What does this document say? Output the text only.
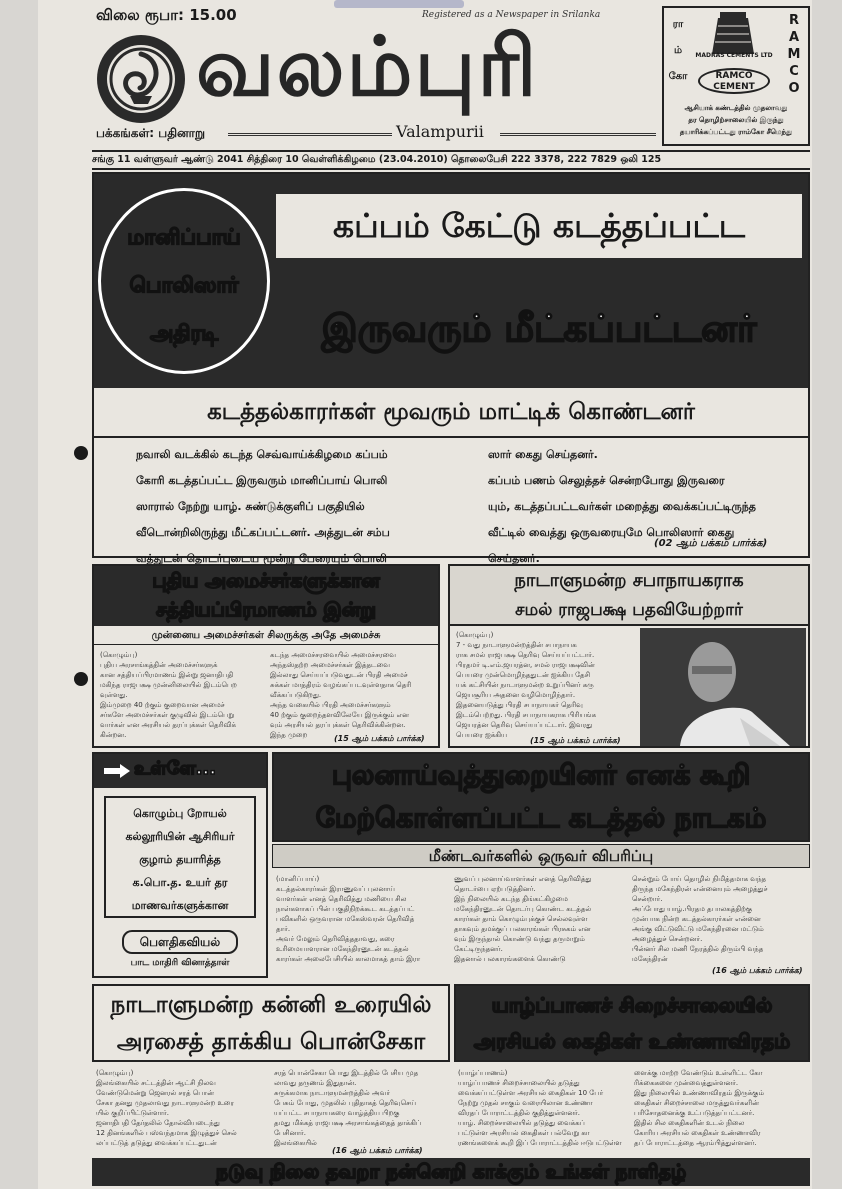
விலை ரூபா: 15.00	Registered as a Newspaper in Srilanka
வலம்புரி
பக்கங்கள்: பதினாறு	Valampurii
ரா
ம்
கோ
MADRAS CEMENTS LTD
RAMCO CEMENT
R
A
M
C
O
ஆசியாக் கண்டத்தில் முதலாவது
தர தொழிற்சாலையில் இருந்து
தயாரிக்கப்பட்டது ராம்கோ சீமெந்து
சங்கு 11 வள்ளுவர் ஆண்டு 2041 சித்திரை 10 வெள்ளிக்கிழமை (23.04.2010) தொலைபேசி 222 3378, 222 7829 ஒலி 125
மானிப்பாய்
பொலிஸார்
அதிரடி
கப்பம் கேட்டு கடத்தப்பட்ட
இருவரும் மீட்கப்பட்டனர்
கடத்தல்காரர்கள் மூவரும் மாட்டிக் கொண்டனர்
நவாலி வடக்கில் கடந்த செவ்வாய்க்கிழமை கப்பம்
கோரி கடத்தப்பட்ட இருவரும் மானிப்பாய் பொலி
ஸாரால் நேற்று யாழ். சுண்டுக்குளிப் பகுதியில்
வீடொன்றிலிருந்து மீட்கப்பட்டனர். அத்துடன் சம்ப
வத்துடன் தொடர்புடைய மூன்று பேரையும் பொலி
ஸார் கைது செய்தனர்.
கப்பம் பணம் செலுத்தச் சென்றபோது இருவரை
யும், கடத்தப்பட்டவர்கள் மறைத்து வைக்கப்பட்டிருந்த
வீட்டில் வைத்து ஒருவரையுமே பொலிஸார் கைது
செய்தனர்.
(02 ஆம் பக்கம் பார்க்க)
புதிய அமைச்சர்களுக்கான
சத்தியப்பிரமாணம் இன்று
முன்னைய அமைச்சர்கள் சிலருக்கு அதே அமைச்சு
(கொழும்பு)
புதிய அரசாங்கத்தின் அமைச்சர்களுக்
கான சத்தியப்பிரமாணம் இன்று ஜனாதிபதி
மகிந்த ராஜபக்ஷ முன்னிலையில் இடம்பெற
வுள்ளது.
இம்முறை 40 ற்கும் குறைவான அமைச்
சர்களே அமைச்சர்கள் குழுவில் இடம்பெறு
வார்கள் என அரசியல் தரப்புக்கள் தெரிவிக்
கின்றன.
கடந்த அமைச்சரவையில் அமைச்சரவை
அந்தஸ்தற்ற அமைச்சர்கள் இத்தடவை
இல்லாது செய்யப்படுவதுடன் பிரதி அமைச்
சுக்கள் மாத்திரம் வழங்கப்படவுள்ளதாக தெரி
வீக்கப்படுகிறது.
அந்த வகையில் பிரதி அமைச்சர்களும்
40 ற்கும் குறைந்தளவிலேயே இருக்கும் என
வும் அரசியல் தரப்புக்கள் தெரிவிக்கின்றன.
இந்த முறை	(15 ஆம் பக்கம் பார்க்க)
நாடாளுமன்ற சபாநாயகராக
சமல் ராஜபக்ஷ பதவியேற்றார்
(கொழும்பு)
7 - வது நாடாளுமன்றத்தின் சபாநாயக
ராக சமல் ராஜபக்ஷ தெரிவு செய்யப்பட்டார்.
பிரதமர் டி.எம்.ஜயரத்ன, சமல் ராஜபக்ஷவின்
பெயரை முன்மொழிந்ததுடன் ஐக்கிய தேசி
யக் கட்சியின் நாடாளுமன்ற உறுப்பினர் கரு
ஜெயசூரிய அதனை வழிமொழிந்தார்.
இதனையடுத்து பிரதி சபாநாயகர் தெரிவு
இடம்பெற்றது. பிரதி சபாநாயகராக பிரியங்க
ஜெயரத்ன தெரிவு செய்யப்பட்டார். இவரது
பெயரை ஐக்கிய
(15 ஆம் பக்கம் பார்க்க)
உள்ளே...
கொழும்பு றோயல்
கல்லூரியின் ஆசிரியர்
குழாம் தயாரித்த
க.பொ.த. உயர் தர
மாணவர்களுக்கான
பௌதிகவியல்
பாட மாதிரி வினாத்தாள்
புலனாய்வுத்துறையினர் எனக் கூறி
மேற்கொள்ளப்பட்ட கடத்தல் நாடகம்
மீண்டவர்களில் ஒருவர் விபரிப்பு
(மானிப்பாய்)
கடத்தல்காரர்கள் இராணுவப் புலனாய்
வாளர்கள் எனத் தெரிவித்து மணியை சில
நாள்களாகப் பின் பகுதிநிறக்கூட கடத்தப்பட்
பவிகளில் ஒருவரான மகேஸ்வரன் தெரிவித்
தார்.
அவர் மேலும் தெரிவித்ததாவது, கரை
உரிமையாளரான மகேந்திரனுடன் கடத்தல்
காரர்கள் அலைபேசியில் காலமாகத் தாம் இரா
ணுவப் புலனாய்வாளர்கள் எனத் தெரிவித்து
தொடர்பை ஏற்படுத்தினர்.
இந் நிலையில் கடந்த திங்கட்கிழமை
மகேந்திரனுடன் தொடர்பு கொண்ட கடத்தல்
காரர்கள் தாம் கொழும்புக்குச் செல்லவுள்ள
தாகவும் தமக்குப் பலகாரங்கள் பிரசுகம் என
வும் இருந்தால் கொண்டு வந்து தருமாறும்
கேட்டிருந்தனர்.
இதனால் பலகாரங்களைக் கொண்டு
சென்றும் போய் தொழில் நிமித்தமாக வந்த
திருந்த மகேந்திரன் என்னையும் அழைத்துச்
சென்றார்.
அப்போது யாழ்.பிரதம தபாலகத்திற்கு
முன்பாக நின்ற கடத்தல்காரர்கள் என்னை
அங்கு விட்டுவிட்டு மகேந்திரனை மட்டும்
அழைத்துச் சென்றனர்.
பின்னர் சில மணி நேரத்தில் திரும்பி வந்த
மகேந்திரன்
(16 ஆம் பக்கம் பார்க்க)
நாடாளுமன்ற கன்னி உரையில்
அரசைத் தாக்கிய பொன்சேகா
(கொழும்பு)
இலங்கையில் சட்டத்தின் ஆட்சி நிலவ
வேண்டுமென்று ஜெனரல் சரத் பொன்
சேகா தனது முதலாவது நாடாளுமன்ற உரை
யில் குறிப்பிட்டுள்ளார்.
ஜனாதிபதி தேர்தலில் தோல்வியடைந்து
12 தினங்களில் பஸ்வந்தமாக இழுத்துச் செல்
லப்பட்டுத் தடுத்து வைக்கப்பட்டதுடன்
சரத் பொன்சேகா பொது இடத்தில் பேசிய முத
லாவது தருணம் இதுதான்.
சுருக்கமாக நாடாளுமன்றத்தில் அவர்
பேசும் போது, முதலில் புதிதாகத் தெரிவுசெய்
யப்பட்ட சபாநாயகரை வாழ்த்திய பிறகு
தமது மிக்கத் ராஜபக்ஷ அரசாங்கத்தைத் தாக்கிப்
பேசினார்.
இலங்கையில்
(16 ஆம் பக்கம் பார்க்க)
யாழ்ப்பாணச் சிறைச்சாலையில்
அரசியல் கைதிகள் உண்ணாவிரதம்
(யாழ்ப்பாணம்)
யாழ்ப்பாணச் சிறைச்சாலையில் தடுத்து
வைக்கப்பட்டுள்ள அரசியல் கைதிகள் 10 பேர்
நேற்று முதல் சாகும் வரையிலான உண்ணா
விரதப் போராட்டத்தில் குதித்துள்ளனர்.
யாழ். சிறைச்சாலையில் தடுத்து வைக்கப்
பட்டுள்ள அரசியல் கைதிகள் பல்வேறு கா
ரணங்களைக் கூறி இப் போராட்டத்தில் ஈடுபட்டுள்ள
ளைக்கு மாற்ற வேண்டும் உள்ளிட்ட கோ
ரிக்கைகளை முன்வைத்துள்ளனர்.
இது நிலையில் உண்ணாவிரதம் இருக்கும்
கைதிகள் சிறைச்சாலை மருத்துவர்களின்
பரிசோதனைக்கு உட்படுத்தப்பட்டனர்.
இதில் சில கைதிகளின் உடல் நிலை
கோரிய அரசியல் கைதிகள் உண்ணாவிர
தப் போராட்டத்தை ஆரம்பித்துள்ளனர்.
நடுவு நிலை தவறா நன்னெறி காக்கும் உங்கள் நாளிதழ்
